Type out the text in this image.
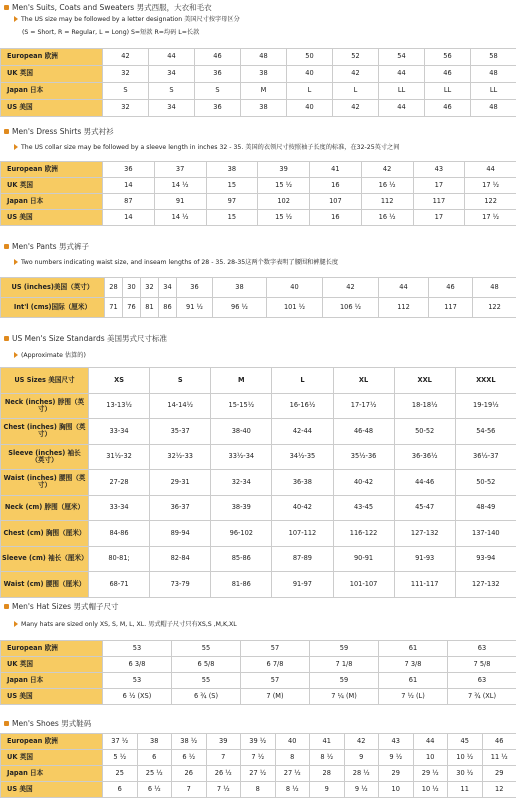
Men's Suits, Coats and Sweaters 男式西服，大衣和毛衣
The US size may be followed by a letter designation 美国尺寸按字母区分
(S = Short, R = Regular, L = Long) S=短款 R=均码 L=长款
European 欧洲	42	44	46	48	50	52	54	56	58
UK 英国	32	34	36	38	40	42	44	46	48
Japan 日本	S	S	S	M	L	L	LL	LL	LL
US 美国	32	34	36	38	40	42	44	46	48
Men's Dress Shirts 男式衬衫
The US collar size may be followed by a sleeve length in inches 32 - 35. 美国的衣领尺寸按照袖子长度的标准，在32-25英寸之间
European 欧洲	36	37	38	39	41	42	43	44
UK 英国	14	14 ½	15	15 ½	16	16 ½	17	17 ½
Japan 日本	87	91	97	102	107	112	117	122
US 美国	14	14 ½	15	15 ½	16	16 ½	17	17 ½
Men's Pants 男式裤子
Two numbers indicating waist size, and inseam lengths of 28 - 35. 28-35这两个数字表明了腰围和裤腿长度
US (inches)美国（英寸）	28	30	32	34	36	38	40	42	44	46	48
Int'l (cms)国际（厘米）	71	76	81	86	91 ½	96 ½	101 ½	106 ½	112	117	122
US Men's Size Standards 美国男式尺寸标准
(Approximate 估算的)
US Sizes 美国尺寸	XS	S	M	L	XL	XXL	XXXL
Neck (inches) 脖围（英寸）	13-13½	14-14½	15-15½	16-16½	17-17½	18-18½	19-19½
Chest (inches) 胸围（英寸）	33-34	35-37	38-40	42-44	46-48	50-52	54-56
Sleeve (inches) 袖长（英寸）	31½-32	32½-33	33½-34	34½-35	35½-36	36-36½	36½-37
Waist (inches) 腰围（英寸）	27-28	29-31	32-34	36-38	40-42	44-46	50-52
Neck (cm) 脖围（厘米）	33-34	36-37	38-39	40-42	43-45	45-47	48-49
Chest (cm) 胸围（厘米）	84-86	89-94	96-102	107-112	116-122	127-132	137-140
Sleeve (cm) 袖长（厘米）	80-81;	82-84	85-86	87-89	90-91	91-93	93-94
Waist (cm) 腰围（厘米）	68-71	73-79	81-86	91-97	101-107	111-117	127-132
Men's Hat Sizes 男式帽子尺寸
Many hats are sized only XS, S, M, L, XL. 男式帽子尺寸只有XS,S ,M,K,XL
European 欧洲	53	55	57	59	61	63
UK 英国	6 3/8	6 5/8	6 7/8	7 1/8	7 3/8	7 5/8
Japan 日本	53	55	57	59	61	63
US 美国	6 ½ (XS)	6 ¾ (S)	7 (M)	7 ¼ (M)	7 ½ (L)	7 ¾ (XL)
Men's Shoes 男式鞋码
European 欧洲	37 ½	38	38 ½	39	39 ½	40	41	42	43	44	45	46
UK 英国	5 ½	6	6 ½	7	7 ½	8	8 ½	9	9 ½	10	10 ½	11 ½
Japan 日本	25	25 ½	26	26 ½	27 ½	27 ½	28	28 ½	29	29 ½	30 ½	29
US 美国	6	6 ½	7	7 ½	8	8 ½	9	9 ½	10	10 ½	11	12
